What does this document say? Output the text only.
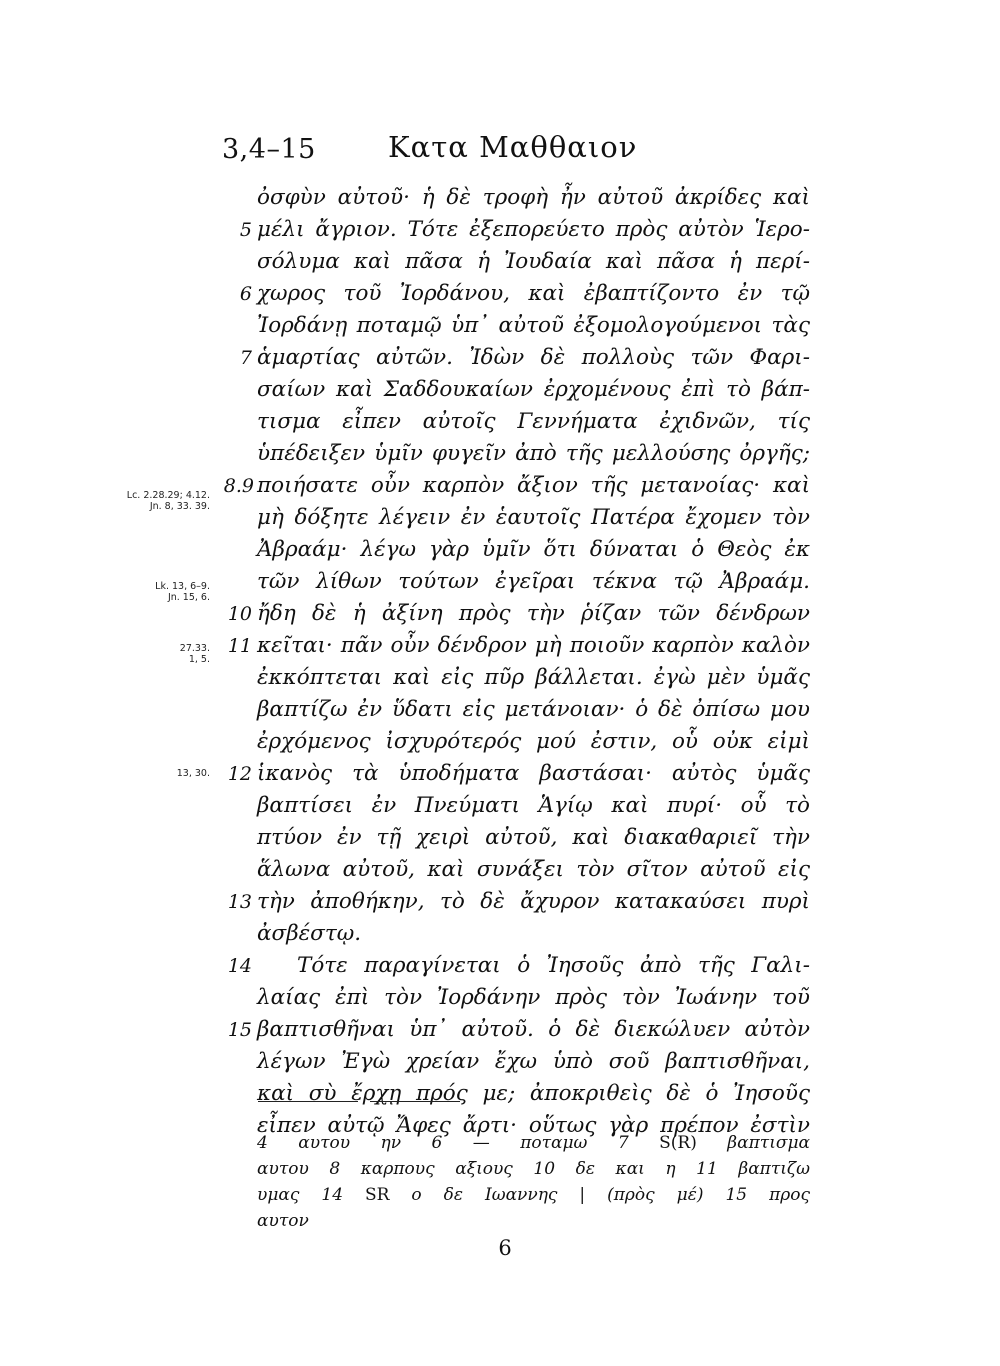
3,4–15 Κατα Μαθθαιον
ὀσφὺν αὐτοῦ· ἡ δὲ τροφὴ ἦν αὐτοῦ ἀκρίδες καὶ
μέλι ἄγριον. Τότε ἐξεπορεύετο πρὸς αὐτὸν Ἱερο-
σόλυμα καὶ πᾶσα ἡ Ἰουδαία καὶ πᾶσα ἡ περί-
χωρος τοῦ Ἰορδάνου, καὶ ἐβαπτίζοντο ἐν τῷ
Ἰορδάνῃ ποταμῷ ὑπ᾽ αὐτοῦ ἐξομολογούμενοι τὰς
ἁμαρτίας αὐτῶν. Ἰδὼν δὲ πολλοὺς τῶν Φαρι-
σαίων καὶ Σαδδουκαίων ἐρχομένους ἐπὶ τὸ βάπ-
τισμα εἶπεν αὐτοῖς Γεννήματα ἐχιδνῶν, τίς
ὑπέδειξεν ὑμῖν φυγεῖν ἀπὸ τῆς μελλούσης ὀργῆς;
ποιήσατε οὖν καρπὸν ἄξιον τῆς μετανοίας· καὶ
μὴ δόξητε λέγειν ἐν ἑαυτοῖς Πατέρα ἔχομεν τὸν
Ἀβραάμ· λέγω γὰρ ὑμῖν ὅτι δύναται ὁ Θεὸς ἐκ
τῶν λίθων τούτων ἐγεῖραι τέκνα τῷ Ἀβραάμ.
ἤδη δὲ ἡ ἀξίνη πρὸς τὴν ῥίζαν τῶν δένδρων
κεῖται· πᾶν οὖν δένδρον μὴ ποιοῦν καρπὸν καλὸν
ἐκκόπτεται καὶ εἰς πῦρ βάλλεται. ἐγὼ μὲν ὑμᾶς
βαπτίζω ἐν ὕδατι εἰς μετάνοιαν· ὁ δὲ ὀπίσω μου
ἐρχόμενος ἰσχυρότερός μού ἐστιν, οὗ οὐκ εἰμὶ
ἱκανὸς τὰ ὑποδήματα βαστάσαι· αὐτὸς ὑμᾶς
βαπτίσει ἐν Πνεύματι Ἁγίῳ καὶ πυρί· οὗ τὸ
πτύον ἐν τῇ χειρὶ αὐτοῦ, καὶ διακαθαριεῖ τὴν
ἅλωνα αὐτοῦ, καὶ συνάξει τὸν σῖτον αὐτοῦ εἰς
τὴν ἀποθήκην, τὸ δὲ ἄχυρον κατακαύσει πυρὶ
ἀσβέστῳ.
Τότε παραγίνεται ὁ Ἰησοῦς ἀπὸ τῆς Γαλι-
λαίας ἐπὶ τὸν Ἰορδάνην πρὸς τὸν Ἰωάνην τοῦ
βαπτισθῆναι ὑπ᾽ αὐτοῦ. ὁ δὲ διεκώλυεν αὐτὸν
λέγων Ἐγὼ χρείαν ἔχω ὑπὸ σοῦ βαπτισθῆναι,
καὶ σὺ ἔρχῃ πρός με; ἀποκριθεὶς δὲ ὁ Ἰησοῦς
εἶπεν αὐτῷ Ἄφες ἄρτι· οὕτως γὰρ πρέπον ἐστὶν
5
6
7
8.9
10
11
12
13
14
15
Lc. 2.28.29; 4.12.
Jn. 8, 33. 39.
Lk. 13, 6–9.
Jn. 15, 6.
27.33.
1, 5.
13, 30.
4 αυτου ην 6 — ποταμω 7 S(R) βαπτισμα
αυτου 8 καρπους αξιους 10 δε και η 11 βαπτιζω
υμας 14 SR ο δε Ιωαννης | (πρὸς μέ) 15 προς
αυτον
6
